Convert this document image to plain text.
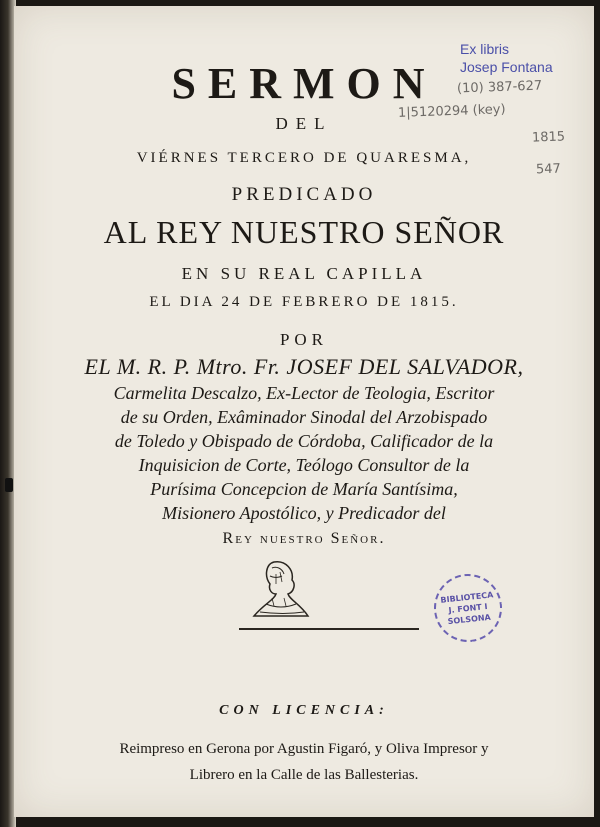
SERMON

DEL

VIÉRNES TERCERO DE QUARESMA,

PREDICADO

AL REY NUESTRO SEÑOR

EN SU REAL CAPILLA

EL DIA 24 DE FEBRERO DE 1815.

POR

EL M. R. P. Mtro. Fr. JOSEF DEL SALVADOR,

Carmelita Descalzo, Ex-Lector de Teologia, Escritor

de su Orden, Exâminador Sinodal del Arzobispado

de Toledo y Obispado de Córdoba, Calificador de la

Inquisicion de Corte, Teólogo Consultor de la

Purísima Concepcion de María Santísima,

Misionero Apostólico, y Predicador del

Rey nuestro Señor.

CON LICENCIA:

Reimpreso en Gerona por Agustin Figaró, y Oliva Impresor y

Librero en la Calle de las Ballesterias.

Ex libris
Josep Fontana
(10) 387-627
1|5120294 (key)
1815
547
BIBLIOTECA
J. FONT I
SOLSONA
